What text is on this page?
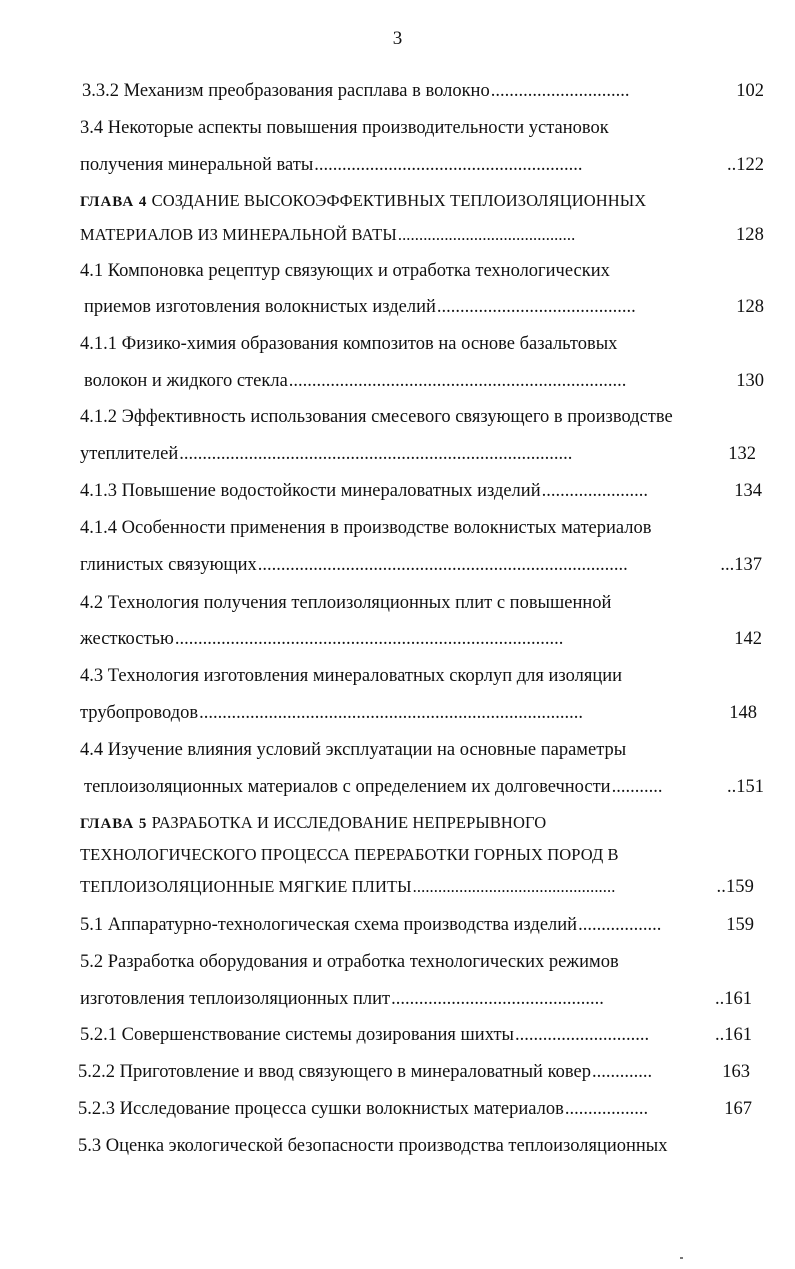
3
3.3.2 Механизм преобразования расплава в волокно ..............................	102
3.4 Некоторые аспекты повышения производительности установок
получения минеральной ваты ..........................................................	..122
ГЛАВА 4 СОЗДАНИЕ ВЫСОКОЭФФЕКТИВНЫХ ТЕПЛОИЗОЛЯЦИОННЫХ
МАТЕРИАЛОВ ИЗ МИНЕРАЛЬНОЙ ВАТЫ ..........................................	128
4.1 Компоновка рецептур связующих и отработка технологических
приемов изготовления волокнистых изделий ...........................................	128
4.1.1 Физико-химия образования композитов на основе базальтовых
волокон и жидкого стекла .........................................................................	130
4.1.2 Эффективность использования смесевого связующего в производстве
утеплителей .....................................................................................	132
4.1.3 Повышение водостойкости минераловатных изделий .......................	134
4.1.4 Особенности применения в производстве волокнистых материалов
глинистых связующих ................................................................................	...137
4.2 Технология получения теплоизоляционных плит с повышенной
жесткостью ....................................................................................	142
4.3 Технология изготовления минераловатных скорлуп для изоляции
трубопроводов ...................................................................................	148
4.4 Изучение влияния условий эксплуатации на основные параметры
теплоизоляционных материалов с определением их долговечности ...........	..151
ГЛАВА 5 РАЗРАБОТКА И ИССЛЕДОВАНИЕ НЕПРЕРЫВНОГО
ТЕХНОЛОГИЧЕСКОГО ПРОЦЕССА ПЕРЕРАБОТКИ ГОРНЫХ ПОРОД В
ТЕПЛОИЗОЛЯЦИОННЫЕ МЯГКИЕ ПЛИТЫ ................................................	..159
5.1 Аппаратурно-технологическая схема производства изделий ..................	159
5.2 Разработка оборудования и отработка технологических режимов
изготовления теплоизоляционных плит ..............................................	..161
5.2.1 Совершенствование системы дозирования шихты .............................	..161
5.2.2 Приготовление и ввод связующего в минераловатный ковер .............	163
5.2.3 Исследование процесса сушки волокнистых материалов ..................	167
5.3 Оценка экологической безопасности производства теплоизоляционных
